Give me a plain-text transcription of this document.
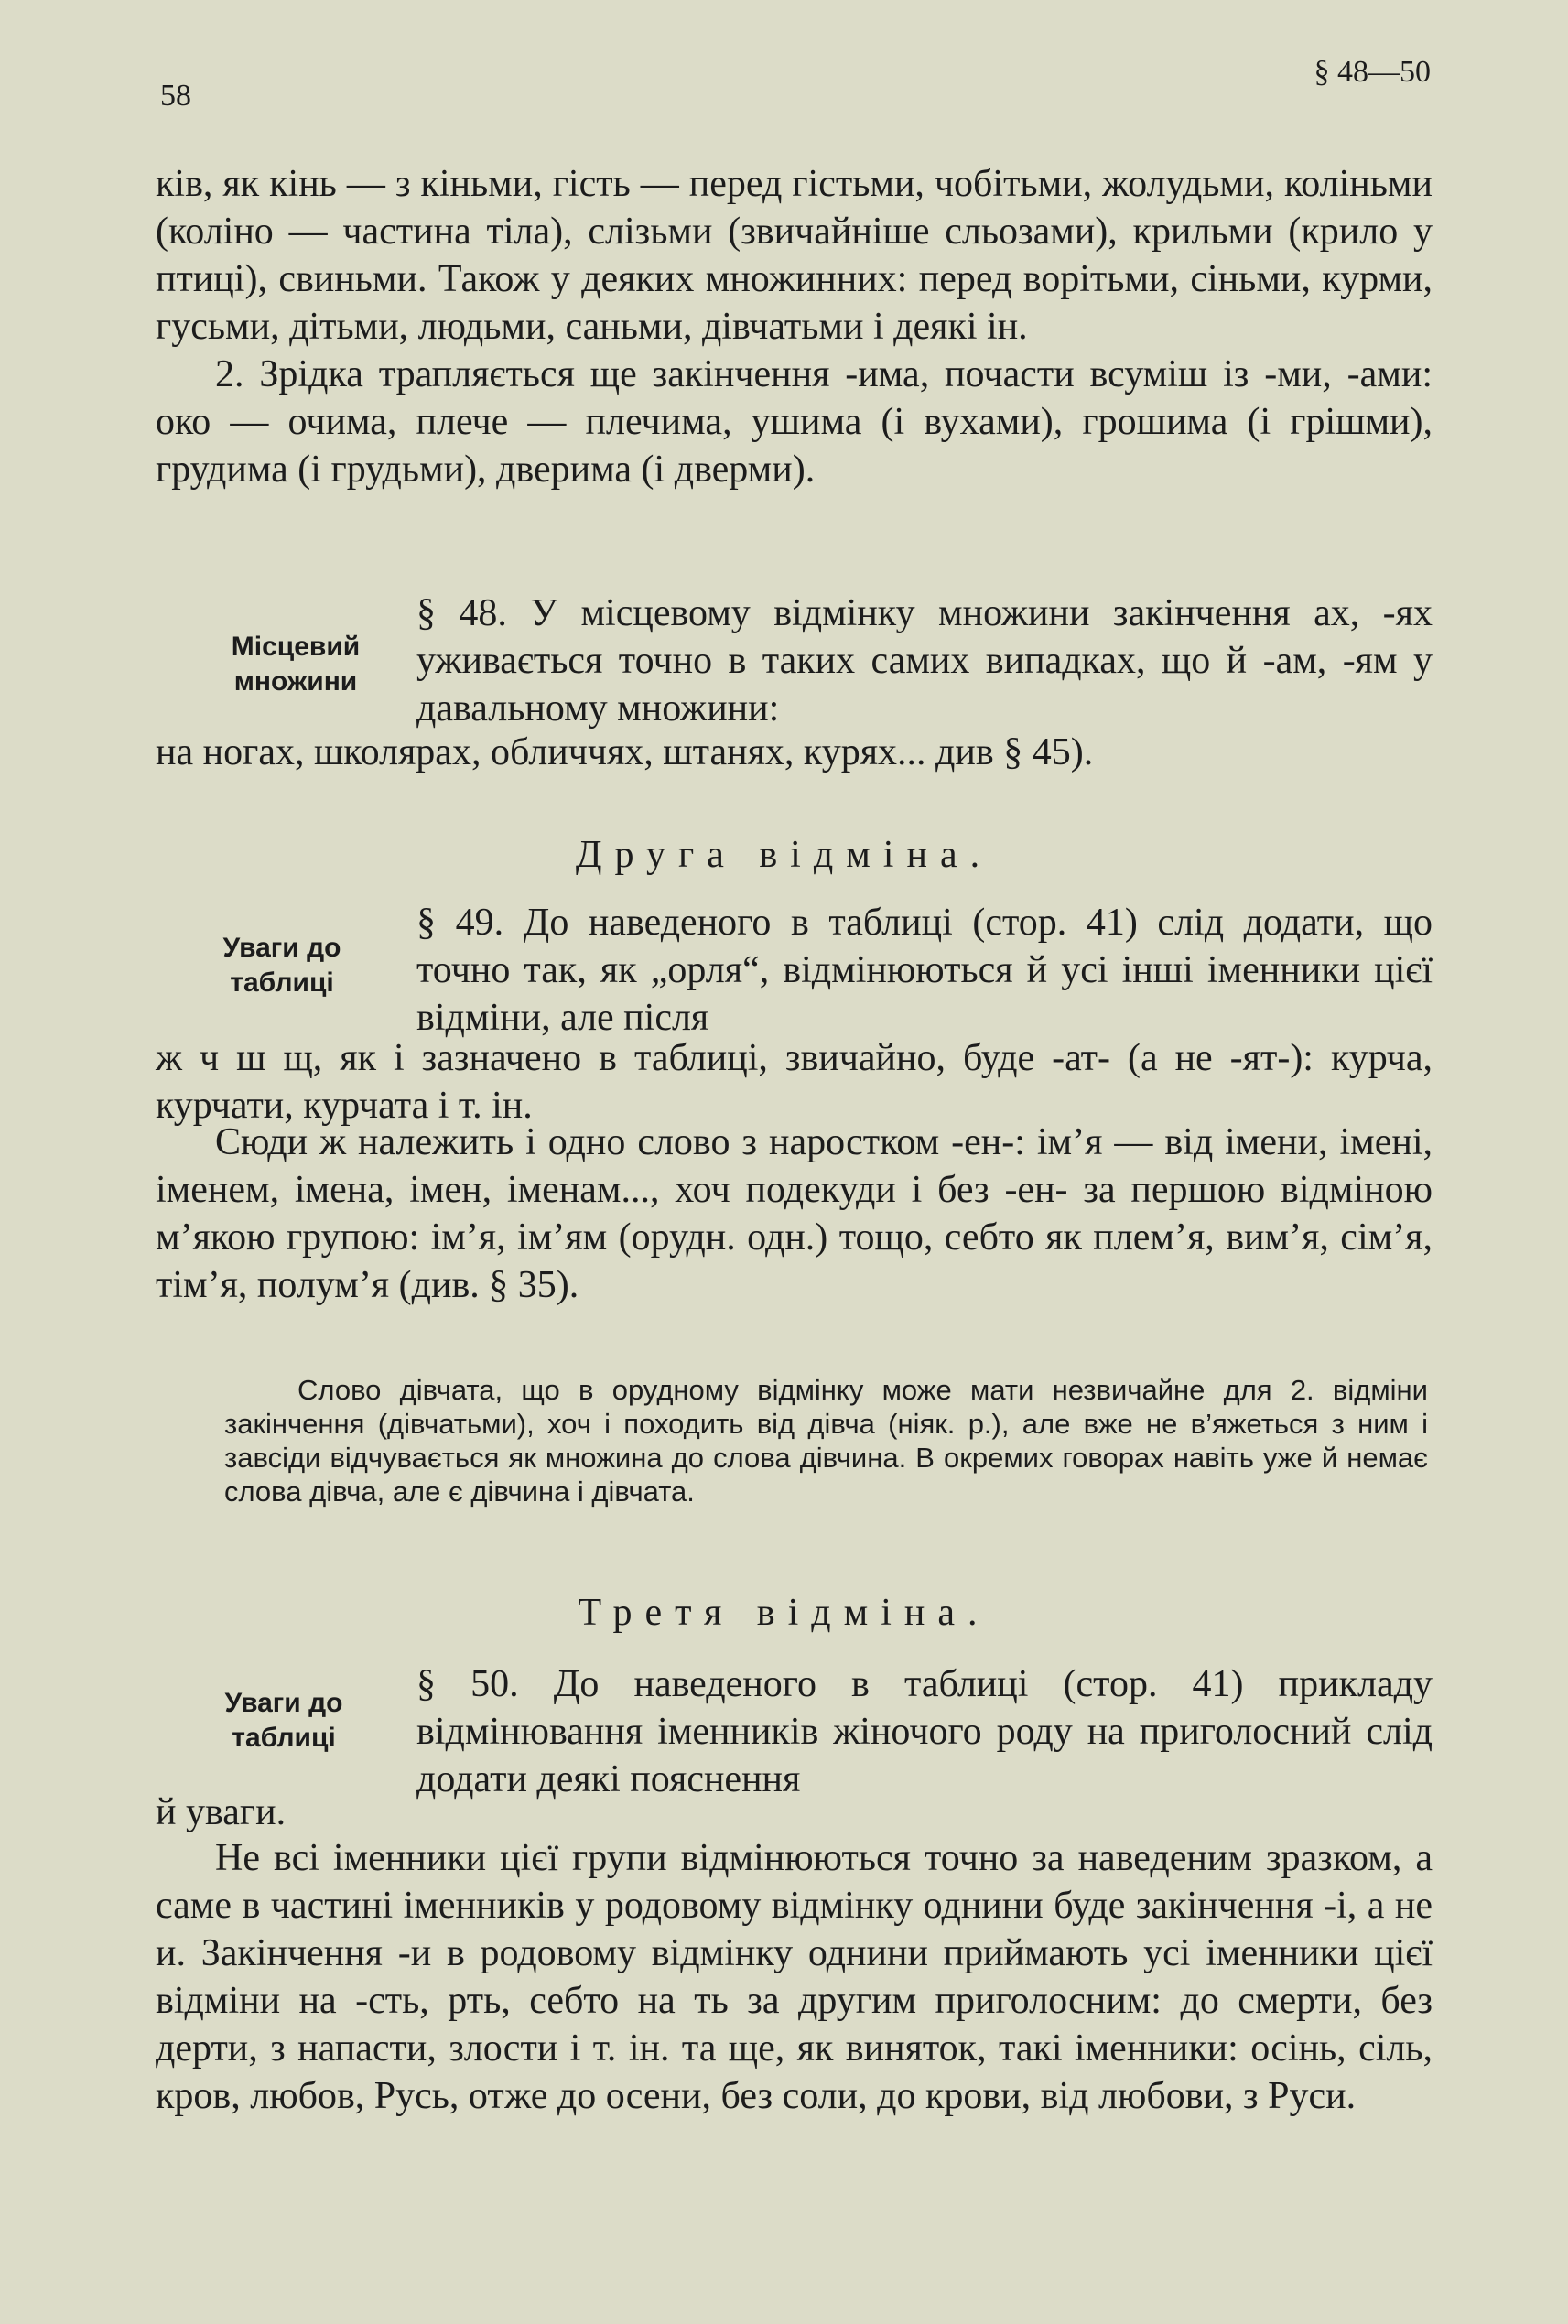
58
§ 48—50

ків, як кінь — з кіньми, гість — перед гістьми, чобітьми, жолудьми, коліньми (коліно — частина тіла), слізьми (звичайніше сльозами), крильми (крило у птиці), свиньми. Також у деяких множинних: перед ворітьми, сіньми, курми, гусьми, дітьми, людьми, саньми, дівчатьми і деякі ін.

2. Зрідка трапляється ще закінчення -има, почасти всуміш із -ми, -ами: око — очима, плече — плечима, ушима (і вухами), грошима (і грішми), грудима (і грудьми), дверима (і дверми).

Місцевий
множини
§ 48. У місцевому відмінку множини закінчення ах, -ях уживається точно в таких самих випадках, що й -ам, -ям у давальному множини:
на ногах, школярах, обличчях, штанях, курях... див § 45).
Друга відміна.
Уваги до
таблиці
§ 49. До наведеного в таблиці (стор. 41) слід додати, що точно так, як „орля“, відмінюються й усі інші іменники цієї відміни, але після
ж ч ш щ, як і зазначено в таблиці, звичайно, буде -ат- (а не -ят-): курча, курчати, курчата і т. ін.
Сюди ж належить і одно слово з наростком -ен-: ім’я — від імени, імені, іменем, імена, імен, іменам..., хоч подекуди і без -ен- за першою відміною м’якою групою: ім’я, ім’ям (орудн. одн.) тощо, себто як плем’я, вим’я, сім’я, тім’я, полум’я (див. § 35).
Слово дівчата, що в орудному відмінку може мати незвичайне для 2. відміни закінчення (дівчатьми), хоч і походить від дівча (ніяк. р.), але вже не в’яжеться з ним і завсіди відчувається як множина до слова дівчина. В окремих говорах навіть уже й немає слова дівча, але є дівчина і дівчата.
Третя відміна.
Уваги до
таблиці
§ 50. До наведеного в таблиці (стор. 41) прикладу відмінювання іменників жіночого роду на приголосний слід додати деякі пояснення
й уваги.
Не всі іменники цієї групи відмінюються точно за наведеним зразком, а саме в частині іменників у родовому відмінку однини буде закінчення -і, а не и. Закінчення -и в родовому відмінку однини приймають усі іменники цієї відміни на -сть, рть, себто на ть за другим приголосним: до смерти, без дерти, з напасти, злости і т. ін. та ще, як виняток, такі іменники: осінь, сіль, кров, любов, Русь, отже до осени, без соли, до крови, від любови, з Руси.
